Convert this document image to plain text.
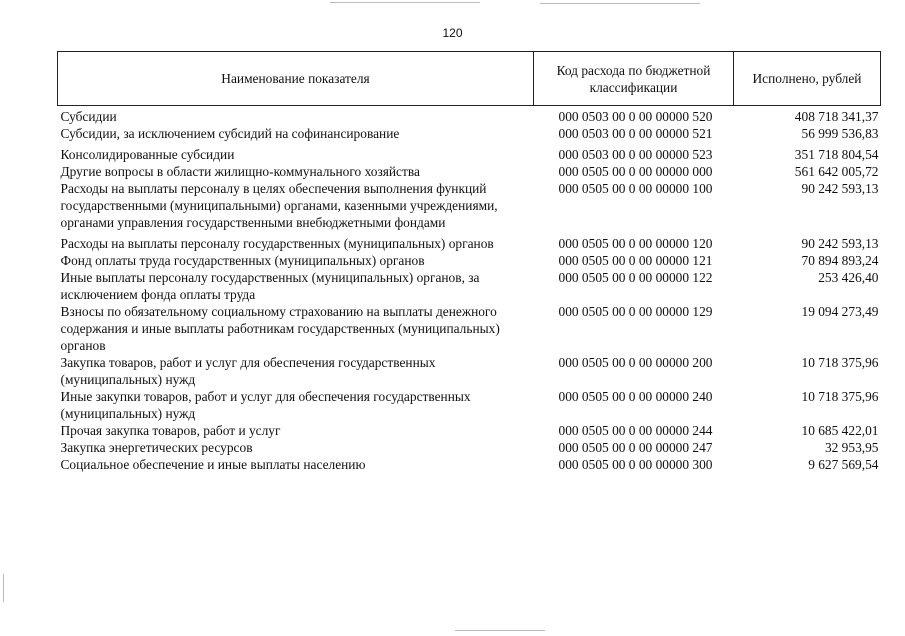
120
Наименование показателя	Код расхода по бюджетной классификации	Исполнено, рублей
Субсидии	000 0503 00 0 00 00000 520	408 718 341,37
Субсидии, за исключением субсидий на софинансирование	000 0503 00 0 00 00000 521	56 999 536,83
Консолидированные субсидии	000 0503 00 0 00 00000 523	351 718 804,54
Другие вопросы в области жилищно-коммунального хозяйства	000 0505 00 0 00 00000 000	561 642 005,72
Расходы на выплаты персоналу в целях обеспечения выполнения функций государственными (муниципальными) органами, казенными учреждениями, органами управления государственными внебюджетными фондами	000 0505 00 0 00 00000 100	90 242 593,13
Расходы на выплаты персоналу государственных (муниципальных) органов	000 0505 00 0 00 00000 120	90 242 593,13
Фонд оплаты труда государственных (муниципальных) органов	000 0505 00 0 00 00000 121	70 894 893,24
Иные выплаты персоналу государственных (муниципальных) органов, за исключением фонда оплаты труда	000 0505 00 0 00 00000 122	253 426,40
Взносы по обязательному социальному страхованию на выплаты денежного содержания и иные выплаты работникам государственных (муниципальных) органов	000 0505 00 0 00 00000 129	19 094 273,49
Закупка товаров, работ и услуг для обеспечения государственных (муниципальных) нужд	000 0505 00 0 00 00000 200	10 718 375,96
Иные закупки товаров, работ и услуг для обеспечения государственных (муниципальных) нужд	000 0505 00 0 00 00000 240	10 718 375,96
Прочая закупка товаров, работ и услуг	000 0505 00 0 00 00000 244	10 685 422,01
Закупка энергетических ресурсов	000 0505 00 0 00 00000 247	32 953,95
Социальное обеспечение и иные выплаты населению	000 0505 00 0 00 00000 300	9 627 569,54
